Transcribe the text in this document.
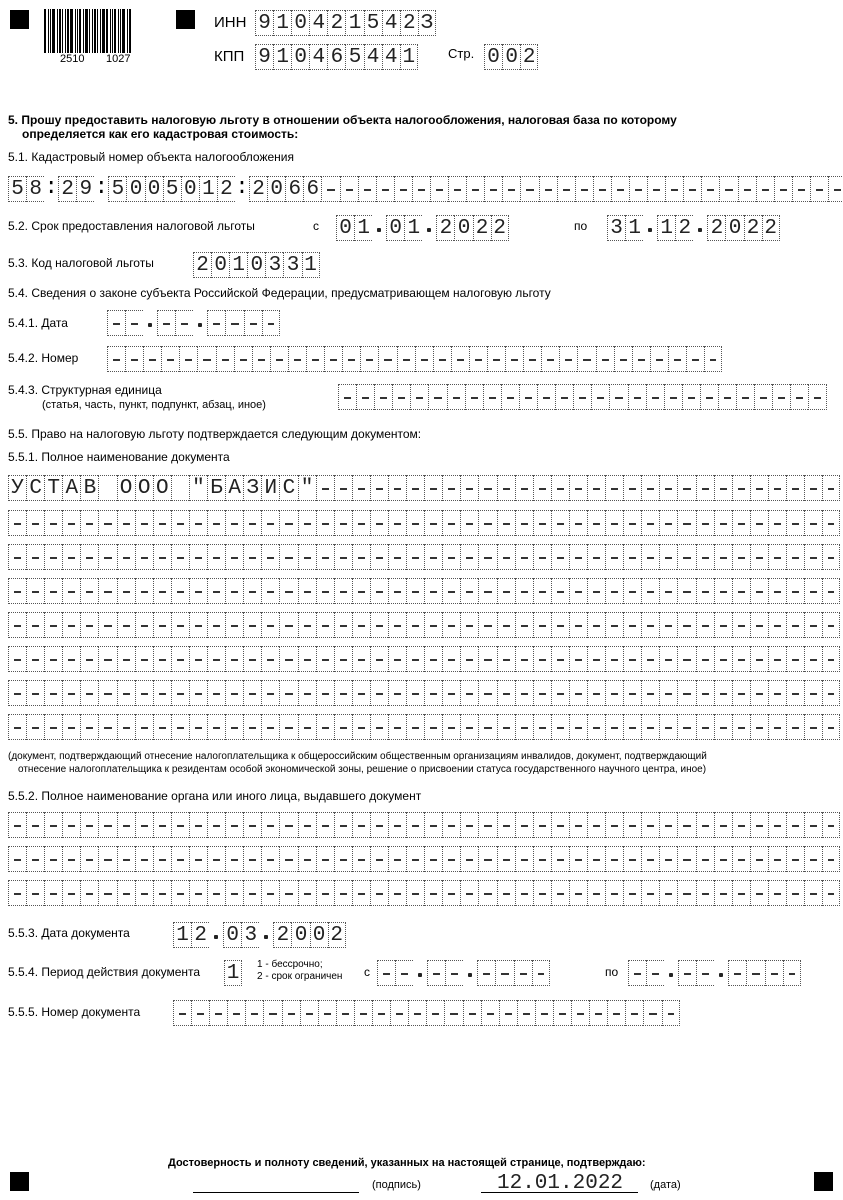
2510 1027
ИНН 9 1 0 4 2 1 5 4 2 З
КПП 9 1 0 4 6 5 4 4 1	Стр. 0 0 2
5. Прошу предоставить налоговую льготу в отношении объекта налогообложения, налоговая база по которому
определяется как его кадастровая стоимость:
5.1. Кадастровый номер объекта налогообложения
5 8 : 2 9 : 5 0 0 5 0 1 2 : 2 0 6 6
5.2. Срок предоставления налоговой льготы	с 0 1 0 1 2 0 2 2	по 3 1 1 2 2 0 2 2
5.3. Код налоговой льготы 2 0 1 0 3 3 1
5.4. Сведения о законе субъекта Российской Федерации, предусматривающем налоговую льготу
5.4.1. Дата
5.4.2. Номер
5.4.3. Структурная единица
(статья, часть, пункт, подпункт, абзац, иное)
5.5. Право на налоговую льготу подтверждается следующим документом:
5.5.1. Полное наименование документа
У С Т А В О О О " Б А З И С "
(документ, подтверждающий отнесение налогоплательщика к общероссийским общественным организациям инвалидов, документ, подтверждающий
отнесение налогоплательщика к резидентам особой экономической зоны, решение о присвоении статуса государственного научного центра, иное)
5.5.2. Полное наименование органа или иного лица, выдавшего документ
5.5.3. Дата документа 1 2 0 3 2 0 0 2
5.5.4. Период действия документа 1 1 - бессрочно;
2 - срок ограничен с	по
5.5.5. Номер документа
Достоверность и полноту сведений, указанных на настоящей странице, подтверждаю:
(подпись)	12.01.2022 (дата)
